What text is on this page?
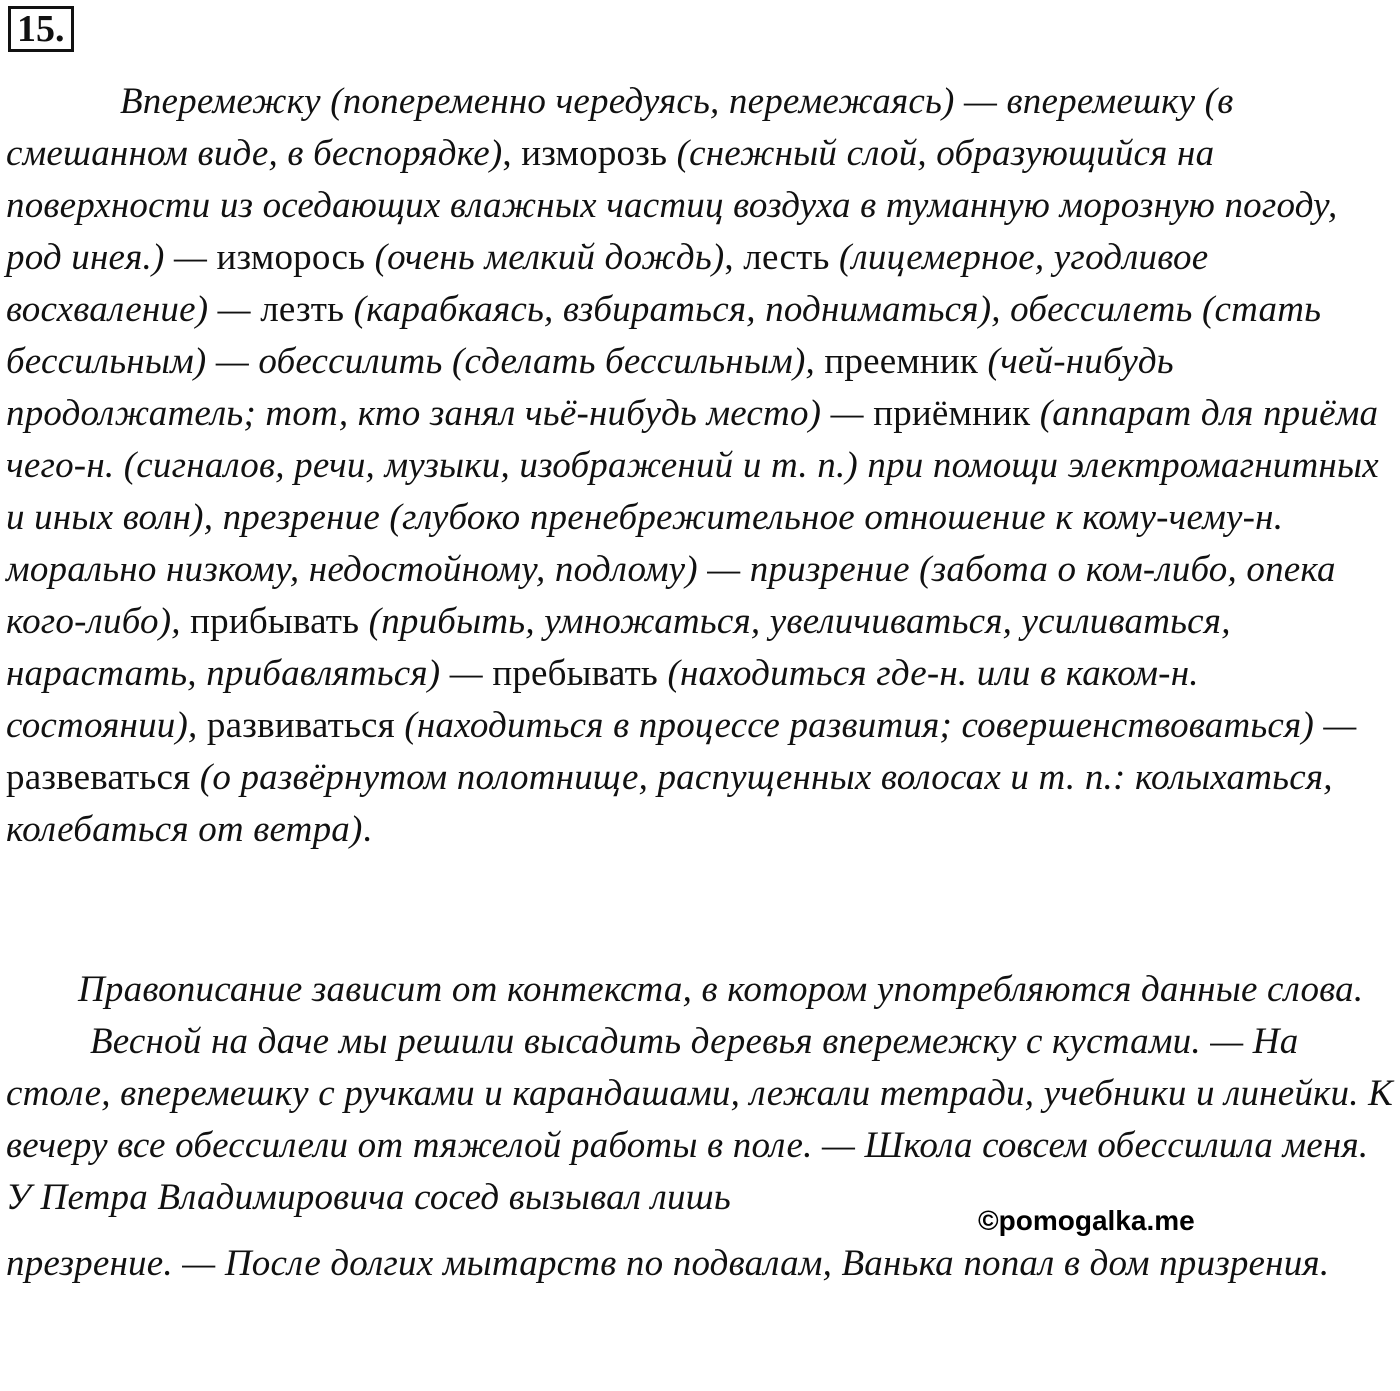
15.
Вперемежку (попеременно чередуясь, перемежаясь) — вперемешку (в смешанном виде, в беспорядке), изморозь (снежный слой, образующийся на поверхности из оседающих влажных частиц воздуха в туманную морозную погоду, род инея.) — изморось (очень мелкий дождь), лесть (лицемерное, угодливое восхваление) — лезть (карабкаясь, взбираться, подниматься), обессилеть (стать бессильным) — обессилить (сделать бессильным), преемник (чей-нибудь продолжатель; тот, кто занял чьё-нибудь место) — приёмник (аппарат для приёма чего-н. (сигналов, речи, музыки, изображений и т. п.) при помощи электромагнитных и иных волн), презрение (глубоко пренебрежительное отношение к кому-чему-н. морально низкому, недостойному, подлому) — призрение (забота о ком-либо, опека кого-либо), прибывать (прибыть, умножаться, увеличиваться, усиливаться, нарастать, прибавляться) — пребывать (находиться где-н. или в каком-н. состоянии), развиваться (находиться в процессе развития; совершенствоваться) — развеваться (о развёрнутом полотнище, распущенных волосах и т. п.: колыхаться, колебаться от ветра).
Правописание зависит от контекста, в котором употребляются данные слова.
Весной на даче мы решили высадить деревья вперемежку с кустами. — На столе, вперемешку с ручками и карандашами, лежали тетради, учебники и линейки. К вечеру все обессилели от тяжелой работы в поле. — Школа совсем обессилила меня. У Петра Владимировича сосед вызывал лишь
презрение. — После долгих мытарств по подвалам, Ванька попал в дом призрения.
©pomogalka.me
